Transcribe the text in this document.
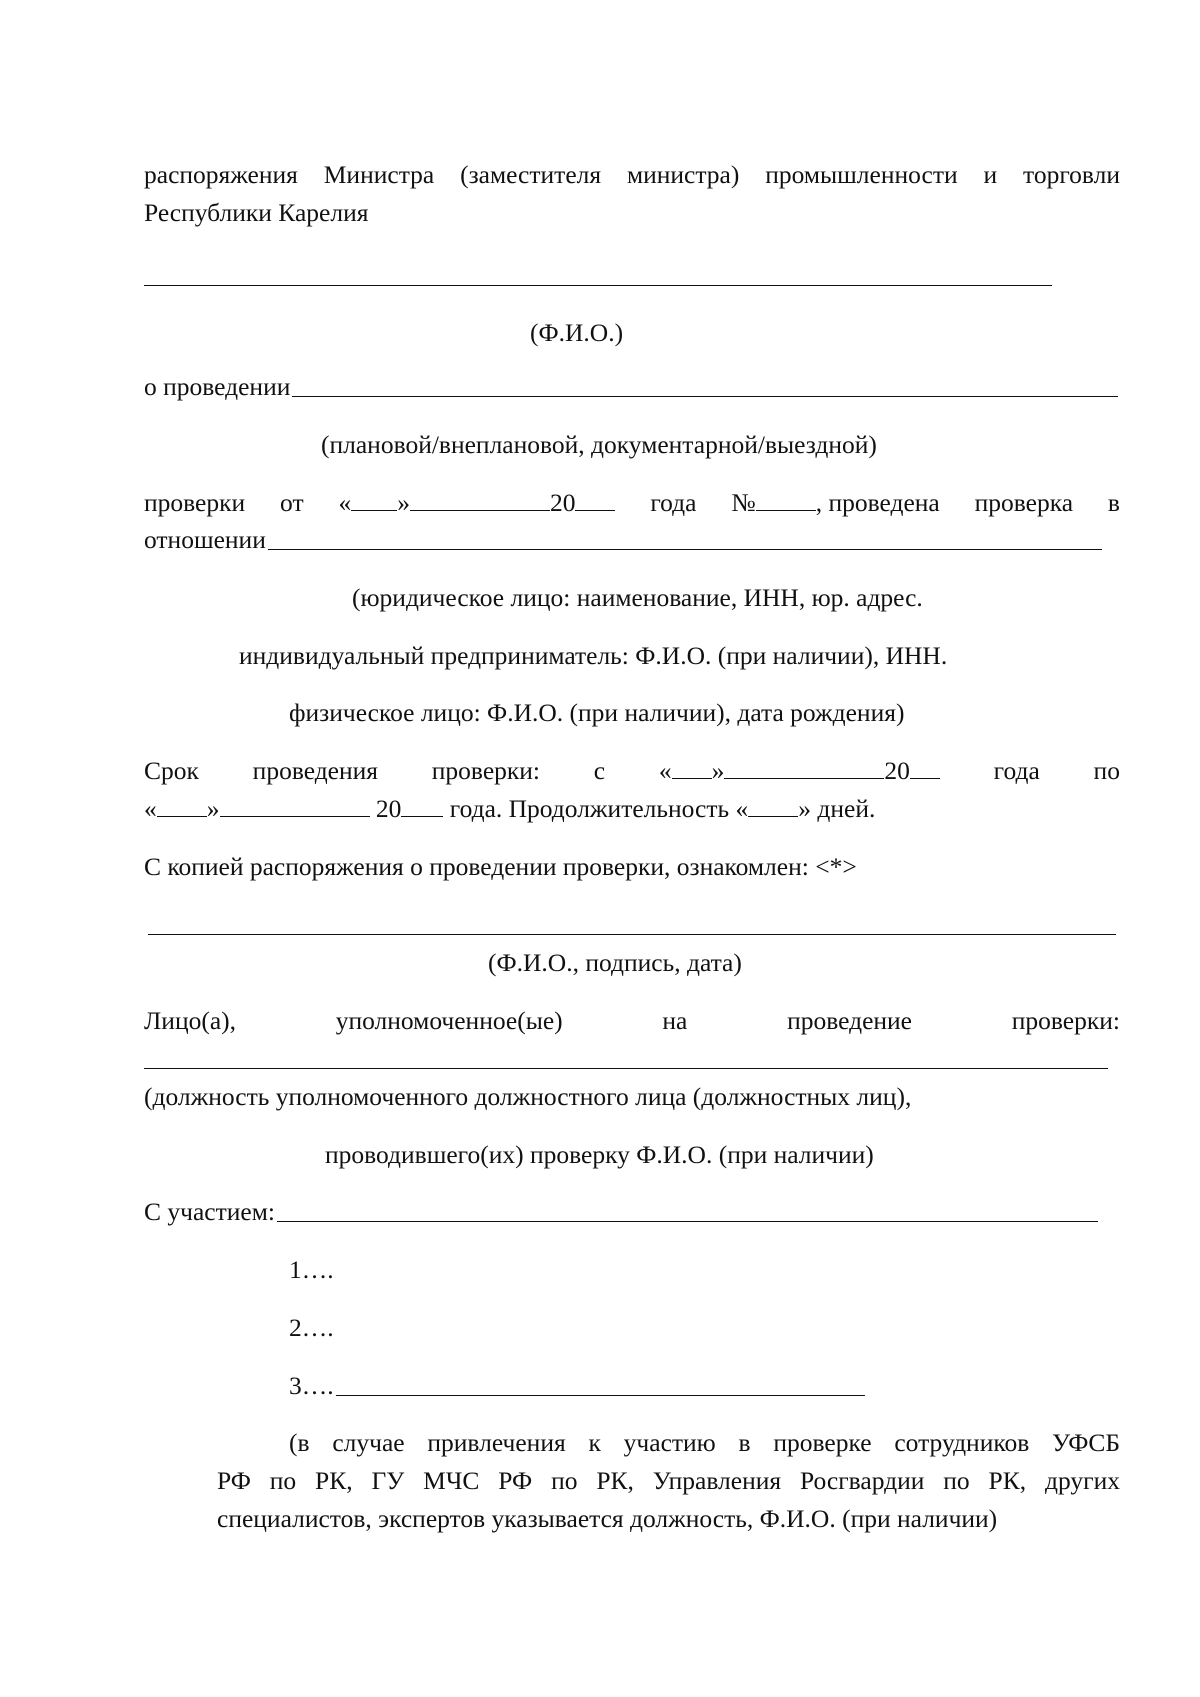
распоряжения Министра (заместителя министра) промышленности и торговли
Республики Карелия
(Ф.И.О.)
о проведении
(плановой/внеплановой, документарной/выездной)
проверки от « »	20	года № , проведена проверка в
отношении
(юридическое лицо: наименование, ИНН, юр. адрес.
индивидуальный предприниматель: Ф.И.О. (при наличии), ИНН.
физическое лицо: Ф.И.О. (при наличии), дата рождения)
Срок проведения проверки: с « »	20	года по
« »	20 года. Продолжительность « » дней.
С копией распоряжения о проведении проверки, ознакомлен: <*>
(Ф.И.О., подпись, дата)
Лицо(а),	уполномоченное(ые)	на	проведение	проверки:
(должность уполномоченного должностного лица (должностных лиц),
проводившего(их) проверку Ф.И.О. (при наличии)
С участием:
1….
2….
3….
(в случае привлечения к участию в проверке сотрудников УФСБ
РФ по РК, ГУ МЧС РФ по РК, Управления Росгвардии по РК, других
специалистов, экспертов указывается должность, Ф.И.О. (при наличии)
